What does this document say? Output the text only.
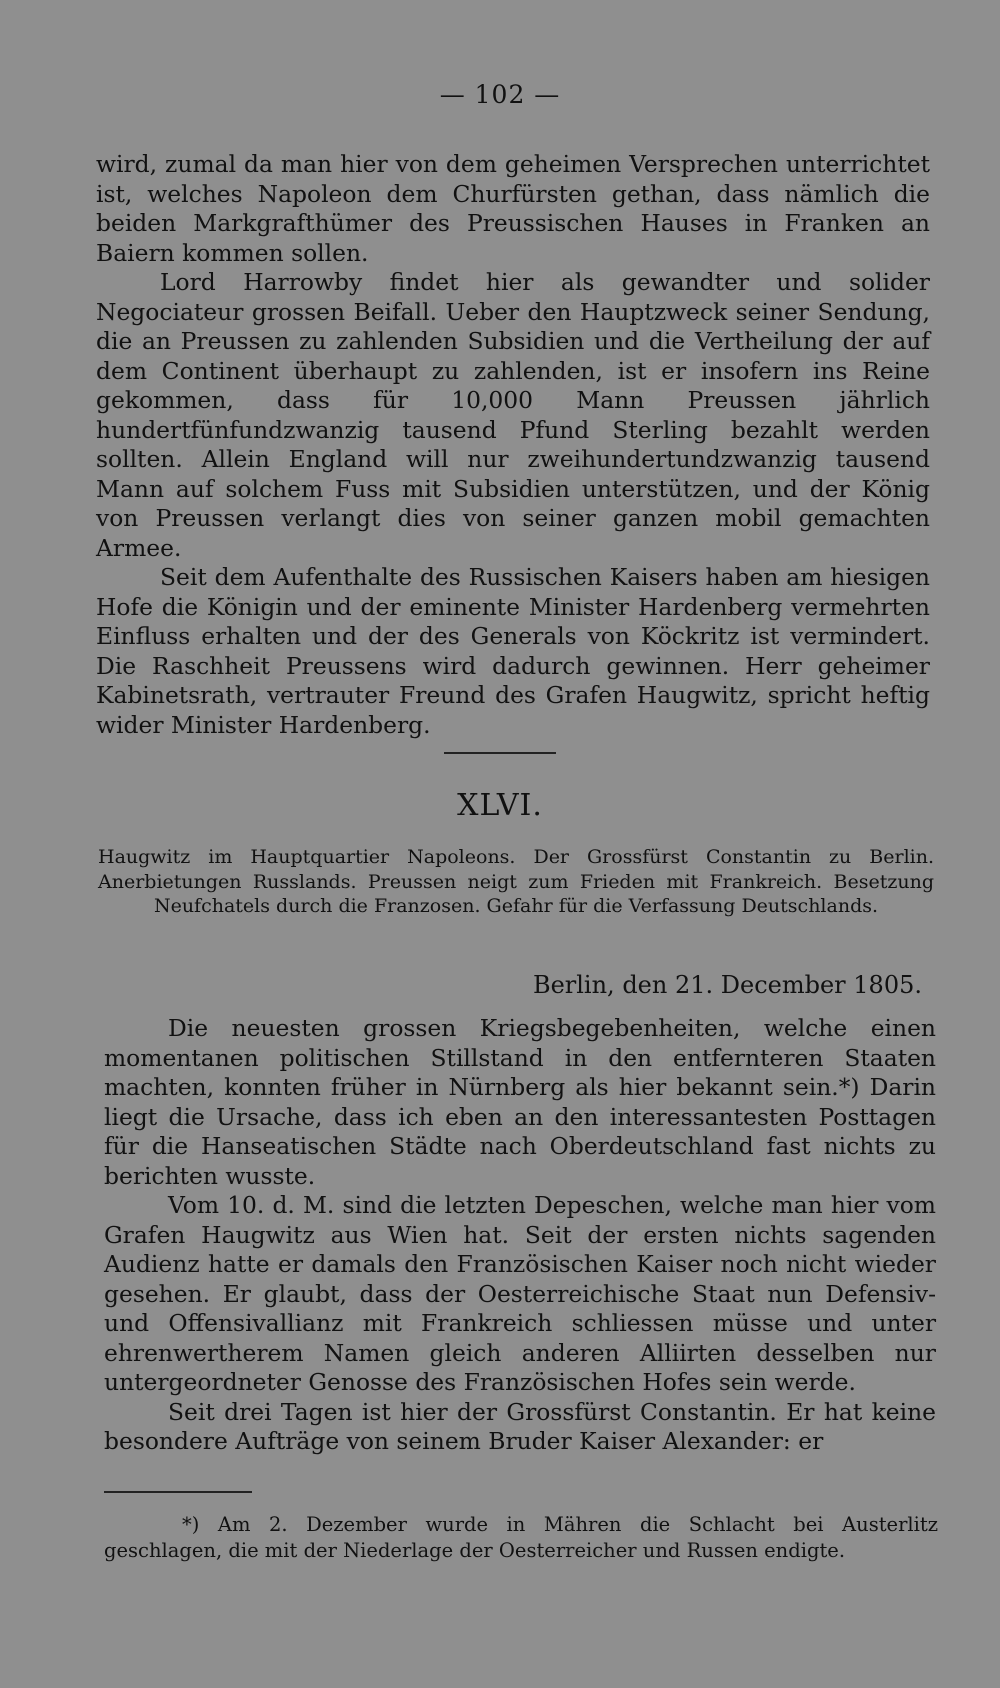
— 102 —

wird, zumal da man hier von dem geheimen Versprechen unterrichtet ist, welches Napoleon dem Churfürsten gethan, dass nämlich die beiden Markgrafthümer des Preussischen Hauses in Franken an Baiern kommen sollen.

Lord Harrowby findet hier als gewandter und solider Negociateur grossen Beifall. Ueber den Hauptzweck seiner Sendung, die an Preussen zu zahlenden Subsidien und die Vertheilung der auf dem Continent überhaupt zu zahlenden, ist er insofern ins Reine gekommen, dass für 10,000 Mann Preussen jährlich hundertfünfundzwanzig tausend Pfund Sterling bezahlt werden sollten. Allein England will nur zweihundertundzwanzig tausend Mann auf solchem Fuss mit Subsidien unterstützen, und der König von Preussen verlangt dies von seiner ganzen mobil gemachten Armee.

Seit dem Aufenthalte des Russischen Kaisers haben am hiesigen Hofe die Königin und der eminente Minister Hardenberg vermehrten Einfluss erhalten und der des Generals von Köckritz ist vermindert. Die Raschheit Preussens wird dadurch gewinnen. Herr geheimer Kabinetsrath, vertrauter Freund des Grafen Haugwitz, spricht heftig wider Minister Hardenberg.

XLVI.
Haugwitz im Hauptquartier Napoleons. Der Grossfürst Constantin zu Berlin. Anerbietungen Russlands. Preussen neigt zum Frieden mit Frankreich. Besetzung Neufchatels durch die Franzosen. Gefahr für die Verfassung Deutschlands.
Berlin, den 21. December 1805.

Die neuesten grossen Kriegsbegebenheiten, welche einen momentanen politischen Stillstand in den entfernteren Staaten machten, konnten früher in Nürnberg als hier bekannt sein.*) Darin liegt die Ursache, dass ich eben an den interessantesten Posttagen für die Hanseatischen Städte nach Oberdeutschland fast nichts zu berichten wusste.

Vom 10. d. M. sind die letzten Depeschen, welche man hier vom Grafen Haugwitz aus Wien hat. Seit der ersten nichts sagenden Audienz hatte er damals den Französischen Kaiser noch nicht wieder gesehen. Er glaubt, dass der Oesterreichische Staat nun Defensiv- und Offensivallianz mit Frankreich schliessen müsse und unter ehrenwertherem Namen gleich anderen Alliirten desselben nur untergeordneter Genosse des Französischen Hofes sein werde.

Seit drei Tagen ist hier der Grossfürst Constantin. Er hat keine besondere Aufträge von seinem Bruder Kaiser Alexander: er

*) Am 2. Dezember wurde in Mähren die Schlacht bei Austerlitz geschlagen, die mit der Niederlage der Oesterreicher und Russen endigte.
